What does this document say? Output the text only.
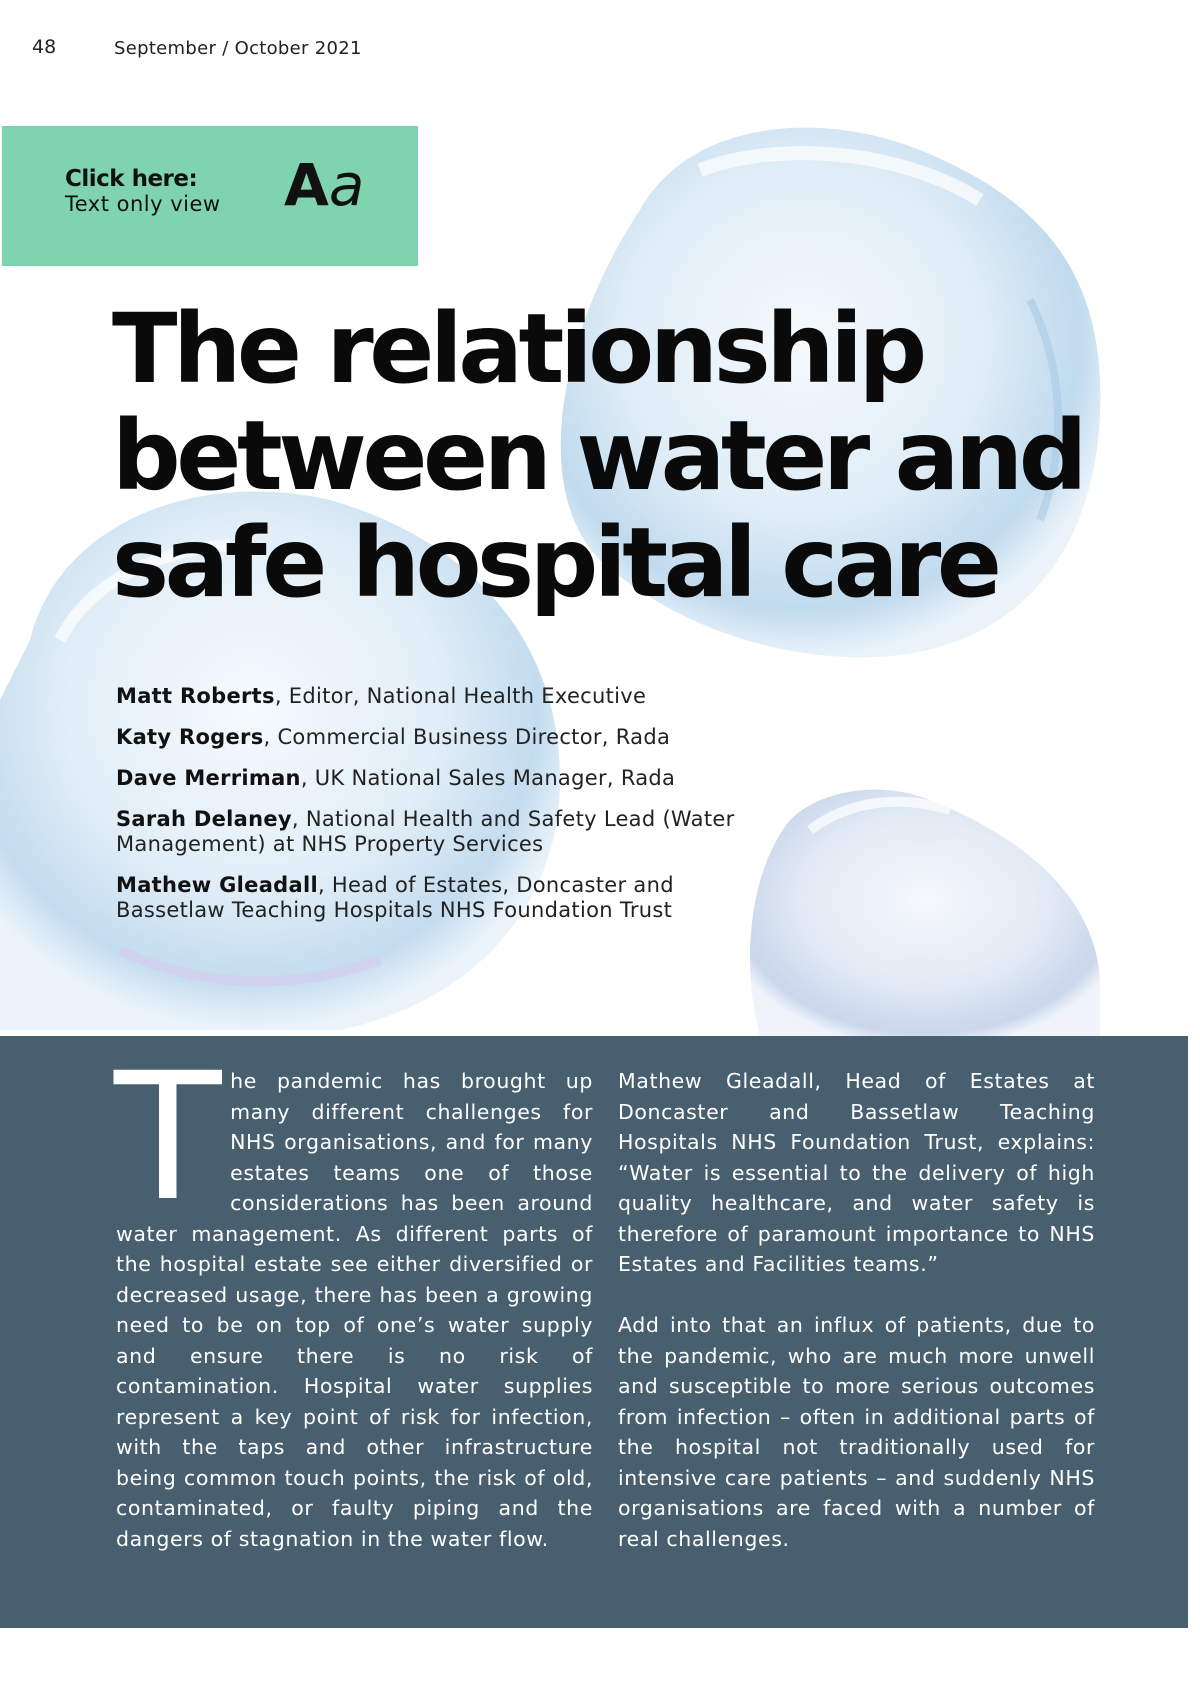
48	September / October 2021
Click here:
Text only view Aa
The relationship between water and safe hospital care

Matt Roberts, Editor, National Health Executive

Katy Rogers, Commercial Business Director, Rada

Dave Merriman, UK National Sales Manager, Rada

Sarah Delaney, National Health and Safety Lead (Water Management) at NHS Property Services

Mathew Gleadall, Head of Estates, Doncaster and Bassetlaw Teaching Hospitals NHS Foundation Trust

The pandemic has brought up many different challenges for NHS organisations, and for many estates teams one of those considerations has been around water management. As different parts of the hospital estate see either diversified or decreased usage, there has been a growing need to be on top of one’s water supply and ensure there is no risk of contamination. Hospital water supplies represent a key point of risk for infection, with the taps and other infrastructure being common touch points, the risk of old, contaminated, or faulty piping and the dangers of stagnation in the water flow.

Mathew Gleadall, Head of Estates at Doncaster and Bassetlaw Teaching Hospitals NHS Foundation Trust, explains: “Water is essential to the delivery of high quality healthcare, and water safety is therefore of paramount importance to NHS Estates and Facilities teams.”

Add into that an influx of patients, due to the pandemic, who are much more unwell and susceptible to more serious outcomes from infection – often in additional parts of the hospital not traditionally used for intensive care patients – and suddenly NHS organisations are faced with a number of real challenges.
